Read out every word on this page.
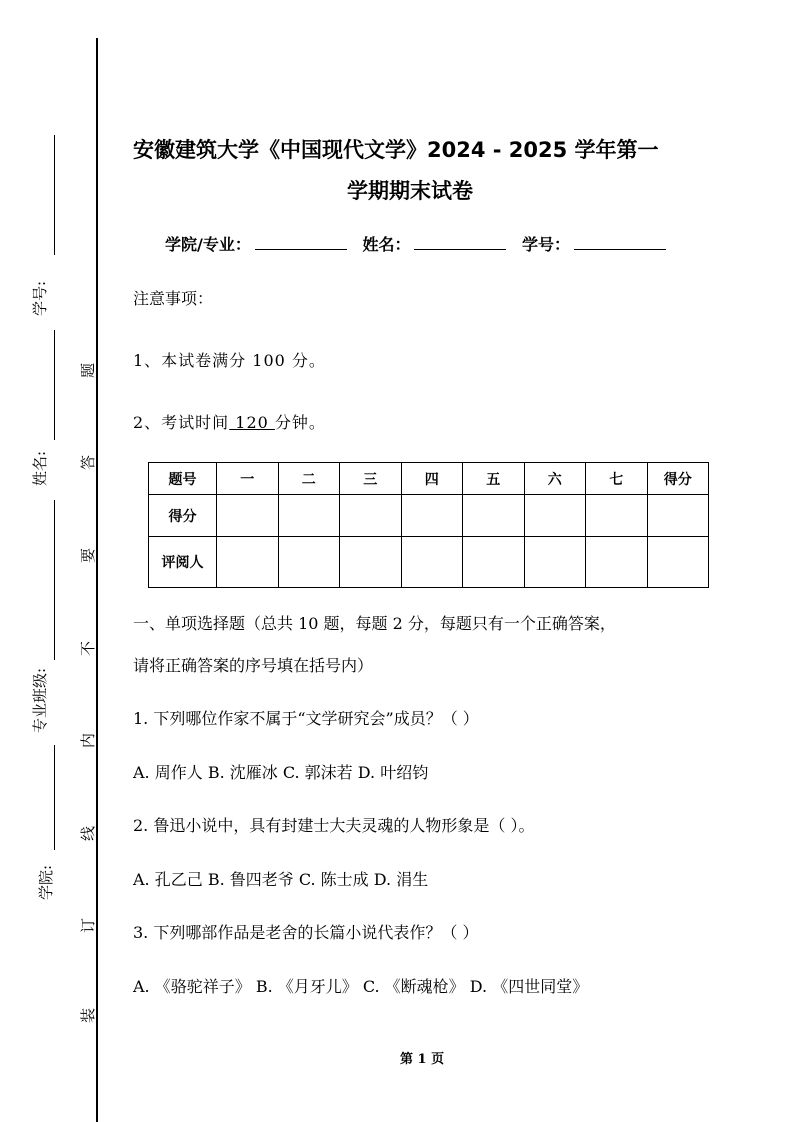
学号:
姓名:
专业班级:
学院:
题
答
要
不
内
线
订
装
安徽建筑大学《中国现代文学》2024 - 2025 学年第一
学期期末试卷
学院/专业：	姓名：	学号：
注意事项：
1、本试卷满分 100 分。
2、考试时间 120 分钟。
题号	一	二	三	四	五	六	七	得分
得分								
评阅人								
一、单项选择题（总共 10 题，每题 2 分，每题只有一个正确答案，
请将正确答案的序号填在括号内）
1. 下列哪位作家不属于“文学研究会”成员？（ ）
A. 周作人 B. 沈雁冰 C. 郭沫若 D. 叶绍钧
2. 鲁迅小说中，具有封建士大夫灵魂的人物形象是（ ）。
A. 孔乙己 B. 鲁四老爷 C. 陈士成 D. 涓生
3. 下列哪部作品是老舍的长篇小说代表作？（ ）
A. 《骆驼祥子》 B. 《月牙儿》 C. 《断魂枪》 D. 《四世同堂》
第 1 页
